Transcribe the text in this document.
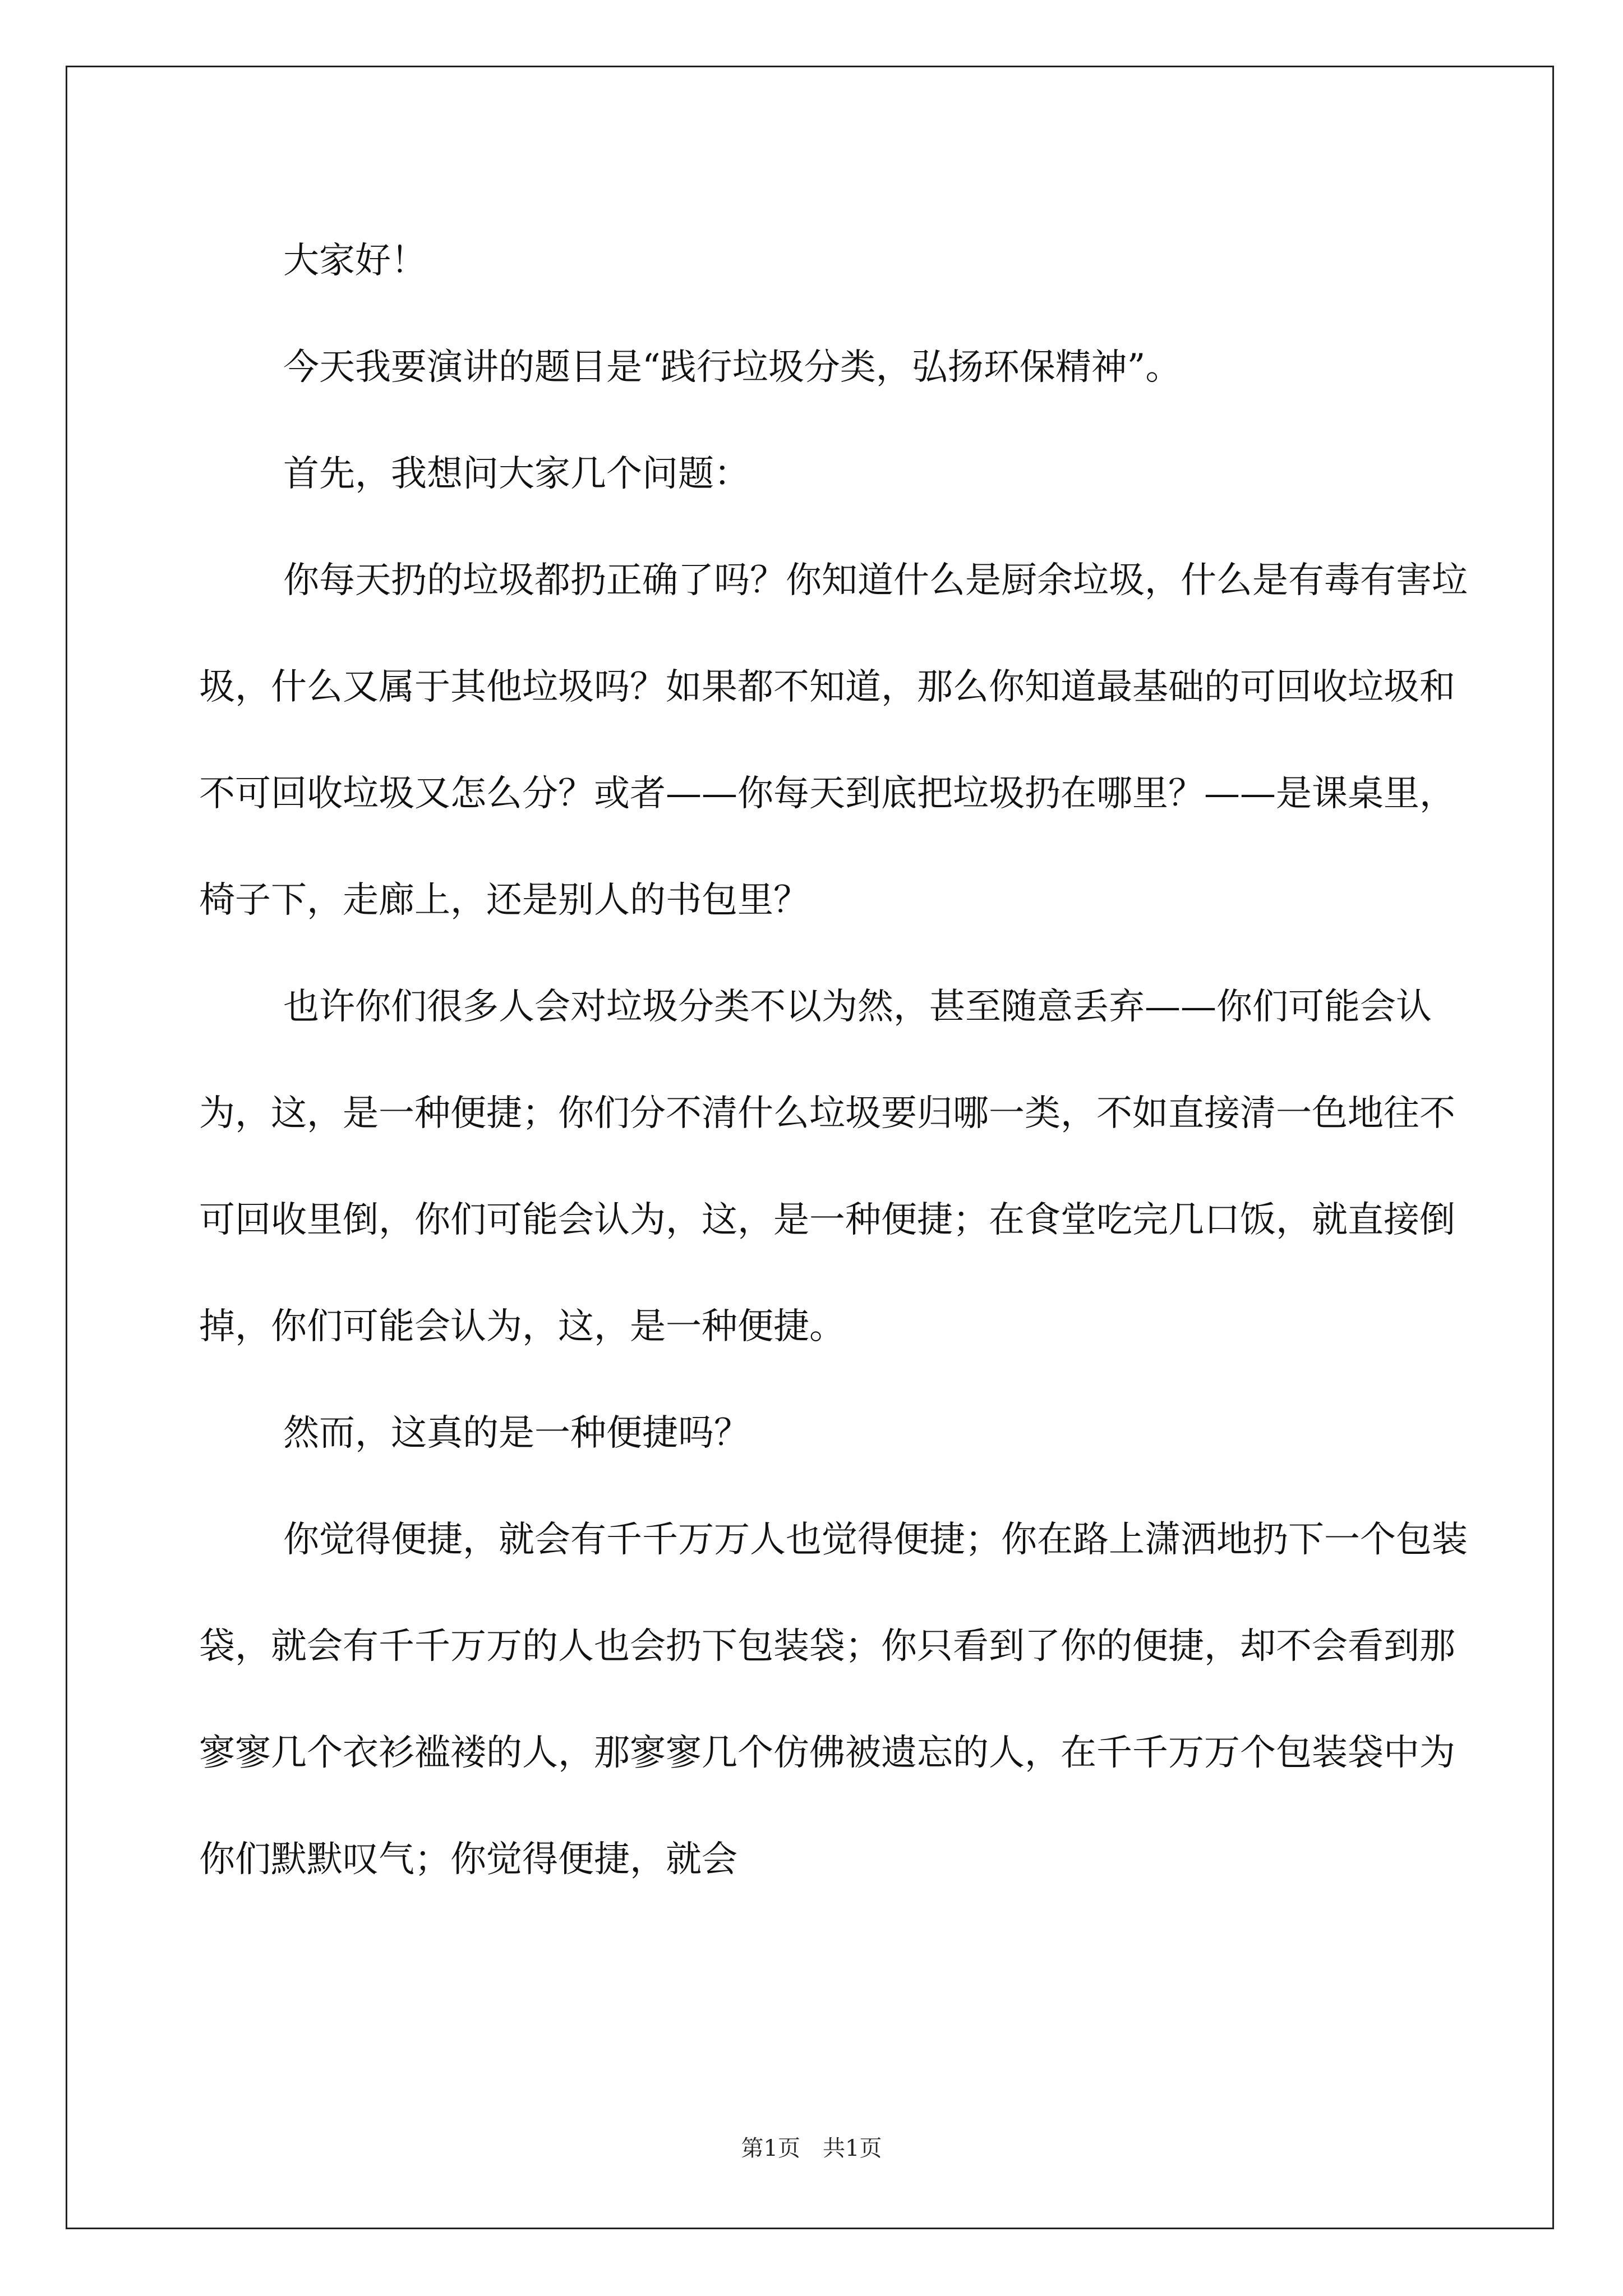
大家好！

今天我要演讲的题目是“践行垃圾分类，弘扬环保精神”。

首先，我想问大家几个问题：

你每天扔的垃圾都扔正确了吗？你知道什么是厨余垃圾，什么是有毒有害垃圾，什么又属于其他垃圾吗？如果都不知道，那么你知道最基础的可回收垃圾和不可回收垃圾又怎么分？或者——你每天到底把垃圾扔在哪里？——是课桌里，椅子下，走廊上，还是别人的书包里？

也许你们很多人会对垃圾分类不以为然，甚至随意丢弃——你们可能会认为，这，是一种便捷；你们分不清什么垃圾要归哪一类，不如直接清一色地往不可回收里倒，你们可能会认为，这，是一种便捷；在食堂吃完几口饭，就直接倒掉，你们可能会认为，这，是一种便捷。

然而，这真的是一种便捷吗？

你觉得便捷，就会有千千万万人也觉得便捷；你在路上潇洒地扔下一个包装袋，就会有千千万万的人也会扔下包装袋；你只看到了你的便捷，却不会看到那寥寥几个衣衫褴褛的人，那寥寥几个仿佛被遗忘的人，在千千万万个包装袋中为你们默默叹气；你觉得便捷，就会

第1页　共1页
